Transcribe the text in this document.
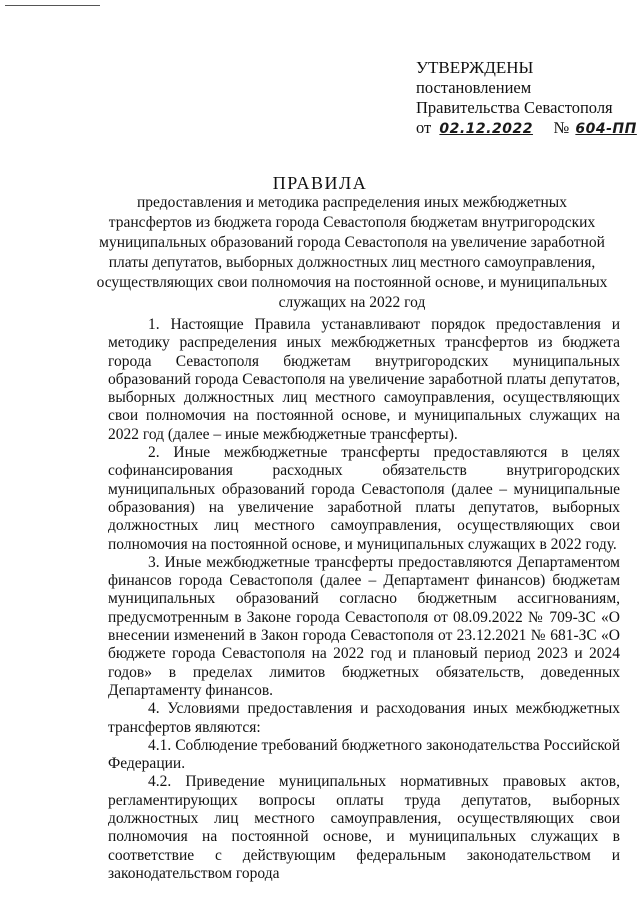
УТВЕРЖДЕНЫ
постановлением
Правительства Севастополя
от 02.12.2022 № 604-ПП
ПРАВИЛА
предоставления и методика распределения иных межбюджетных трансфертов из бюджета города Севастополя бюджетам внутригородских муниципальных образований города Севастополя на увеличение заработной платы депутатов, выборных должностных лиц местного самоуправления, осуществляющих свои полномочия на постоянной основе, и муниципальных служащих на 2022 год

1. Настоящие Правила устанавливают порядок предоставления и методику распределения иных межбюджетных трансфертов из бюджета города Севастополя бюджетам внутригородских муниципальных образований города Севастополя на увеличение заработной платы депутатов, выборных должностных лиц местного самоуправления, осуществляющих свои полномочия на постоянной основе, и муниципальных служащих на 2022 год (далее – иные межбюджетные трансферты).

2. Иные межбюджетные трансферты предоставляются в целях софинансирования расходных обязательств внутригородских муниципальных образований города Севастополя (далее – муниципальные образования) на увеличение заработной платы депутатов, выборных должностных лиц местного самоуправления, осуществляющих свои полномочия на постоянной основе, и муниципальных служащих в 2022 году.

3. Иные межбюджетные трансферты предоставляются Департаментом финансов города Севастополя (далее – Департамент финансов) бюджетам муниципальных образований согласно бюджетным ассигнованиям, предусмотренным в Законе города Севастополя от 08.09.2022 № 709-ЗС «О внесении изменений в Закон города Севастополя от 23.12.2021 № 681-ЗС «О бюджете города Севастополя на 2022 год и плановый период 2023 и 2024 годов» в пределах лимитов бюджетных обязательств, доведенных Департаменту финансов.

4. Условиями предоставления и расходования иных межбюджетных трансфертов являются:

4.1. Соблюдение требований бюджетного законодательства Российской Федерации.

4.2. Приведение муниципальных нормативных правовых актов, регламентирующих вопросы оплаты труда депутатов, выборных должностных лиц местного самоуправления, осуществляющих свои полномочия на постоянной основе, и муниципальных служащих в соответствие с действующим федеральным законодательством и законодательством города
